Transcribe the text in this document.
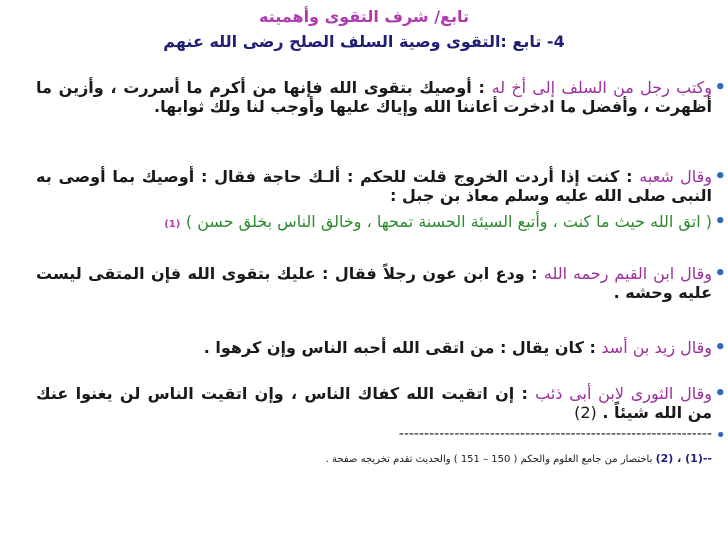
تابع/ شرف التقوى وأهميته
4- تابع :التقوى وصية السلف الصلح رضى الله عنهم
•
وكتب رجل من السلف إلى أخ له : أوصيك بتقوى الله فإنها من أكرم ما أسررت ، وأزين ما أظهرت ، وأفضل ما ادخرت أعاننا الله وإياك عليها وأوجب لنا ولك ثوابها.
•
وقال شعبه : كنت إذا أردت الخروج قلت للحكم : ألـك حاجة فقال : أوصيك بما أوصى به النبى صلى الله عليه وسلم معاذ بن جبل :
•
( اتق الله حيث ما كنت ، وأتبع السيئة الحسنة تمحها ، وخالق الناس بخلق حسن ) (1)
•
وقال ابن القيم رحمه الله : ودع ابن عون رجلاً فقال : عليك بتقوى الله فإن المتقى ليست عليه وحشه .
•
وقال زيد بن أسد : كان يقال : من اتقى الله أحبه الناس وإن كرهوا .
•
وقال الثورى لابن أبى ذئب : إن اتقيت الله كفاك الناس ، وإن اتقيت الناس لن يغنوا عنك من الله شيئاً . (2)
•
--------------------------------------------------------------
--(1) ، (2) باختصار من جامع العلوم والحكم ( 150 – 151 ) والحديث تقدم تخريجه صفحة .
